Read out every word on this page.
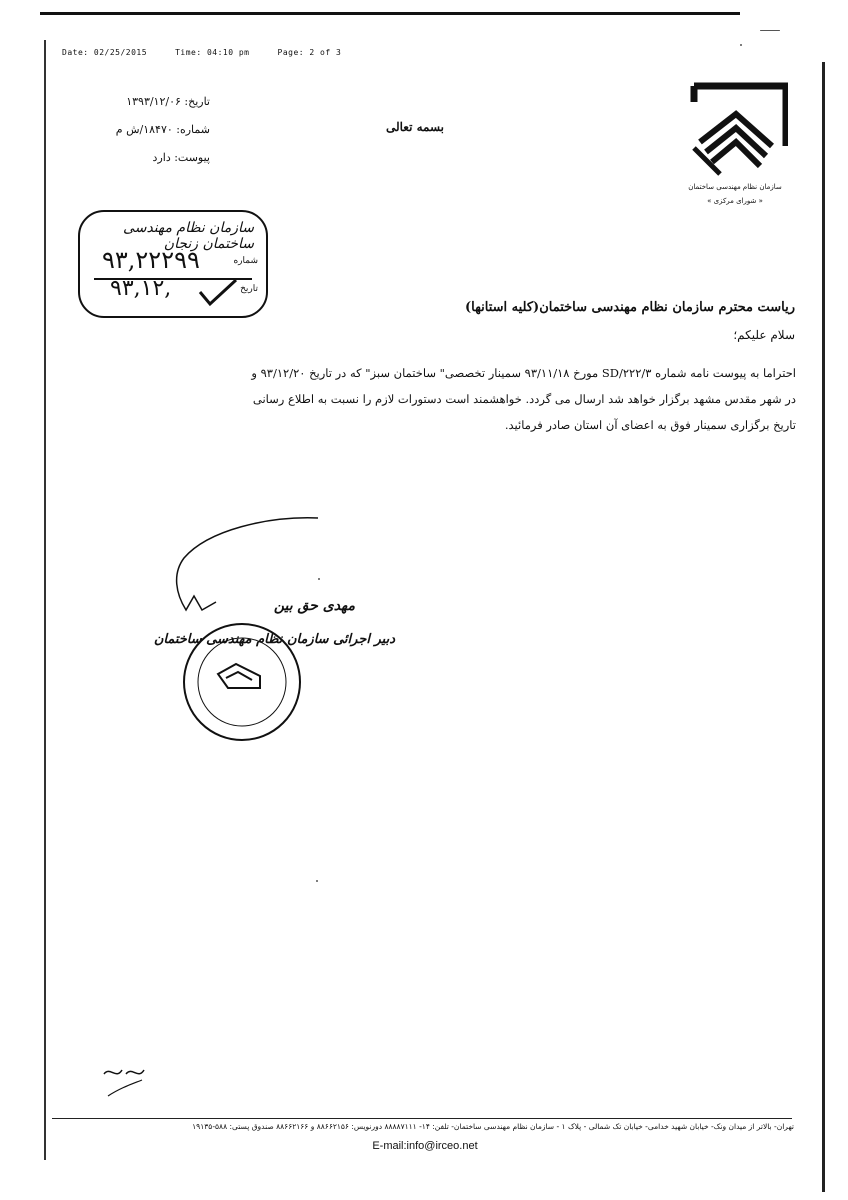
Date: 02/25/2015	Time: 04:10 pm	Page: 2 of 3
تاریخ: ۱۳۹۳/۱۲/۰۶
شماره: ۱۸۴۷۰/ش م
پیوست: دارد
بسمه تعالی
سازمان نظام مهندسی ساختمان
« شورای مرکزی »
سازمان نظام مهندسی ساختمان زنجان
شماره
۹۳,۲۲۲۹۹
تاریخ
۹۳,۱۲,
ریاست محترم سازمان نظام مهندسی ساختمان(کلیه استانها)
سلام علیکم؛

احتراما به پیوست نامه شماره SD/۲۲۲/۳ مورخ ۹۳/۱۱/۱۸ سمینار تخصصی" ساختمان سبز" که در تاریخ ۹۳/۱۲/۲۰ و

در شهر مقدس مشهد برگزار خواهد شد ارسال می گردد. خواهشمند است دستورات لازم را نسبت به اطلاع رسانی

تاریخ برگزاری سمینار فوق به اعضای آن استان صادر فرمائید.

مهدی حق بین
دبیر اجرائی سازمان نظام مهندسی ساختمان
تهران- بالاتر از میدان ونک- خیابان شهید خدامی- خیابان تک شمالی - پلاک ۱ - سازمان نظام مهندسی ساختمان- تلفن: ۱۴- ۸۸۸۸۷۱۱۱ دورنویس: ۸۸۶۶۲۱۵۶ و ۸۸۶۶۲۱۶۶ صندوق پستی: ۵۸۸-۱۹۱۳۵
E-mail:info@irceo.net
